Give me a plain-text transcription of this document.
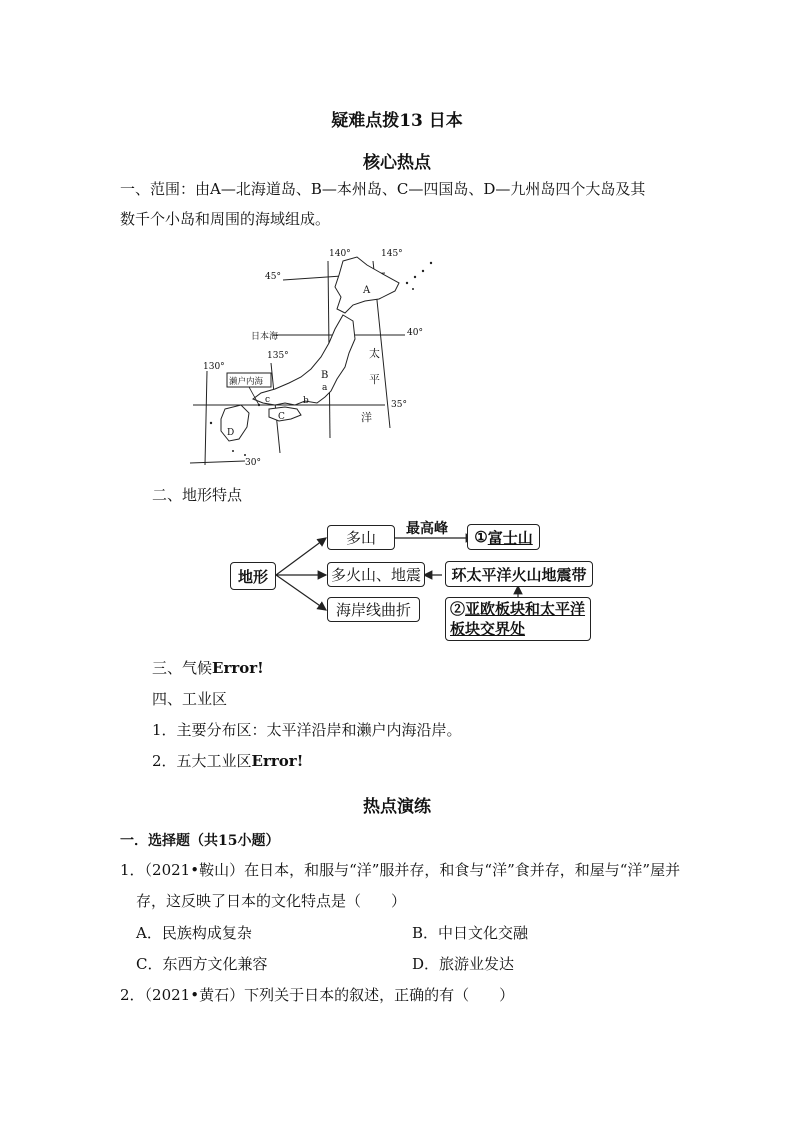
疑难点拨13 日本
核心热点
一、范围：由A—北海道岛、B—本州岛、C—四国岛、D—九州岛四个大岛及其
数千个小岛和周围的海域组成。
140°	145°
45°
40°
135°
130°
35°
30°
日本海
濑户内海
太
平
洋
A
B
a
b
c
C
D
二、地形特点
地形
多山	最高峰 ① 富士山
多火山、地震	环太平洋火山地震带
海岸线曲折	②亚欧板块和太平洋
板块交界处
三、气候Error!
四、工业区
1．主要分布区：太平洋沿岸和濑户内海沿岸。
2．五大工业区Error!
热点演练
一．选择题（共15小题）
1．（2021•鞍山）在日本，和服与“洋”服并存，和食与“洋”食并存，和屋与“洋”屋并
存，这反映了日本的文化特点是（　　）
A．民族构成复杂	B．中日文化交融
C．东西方文化兼容	D．旅游业发达
2．（2021•黄石）下列关于日本的叙述，正确的有（　　）
